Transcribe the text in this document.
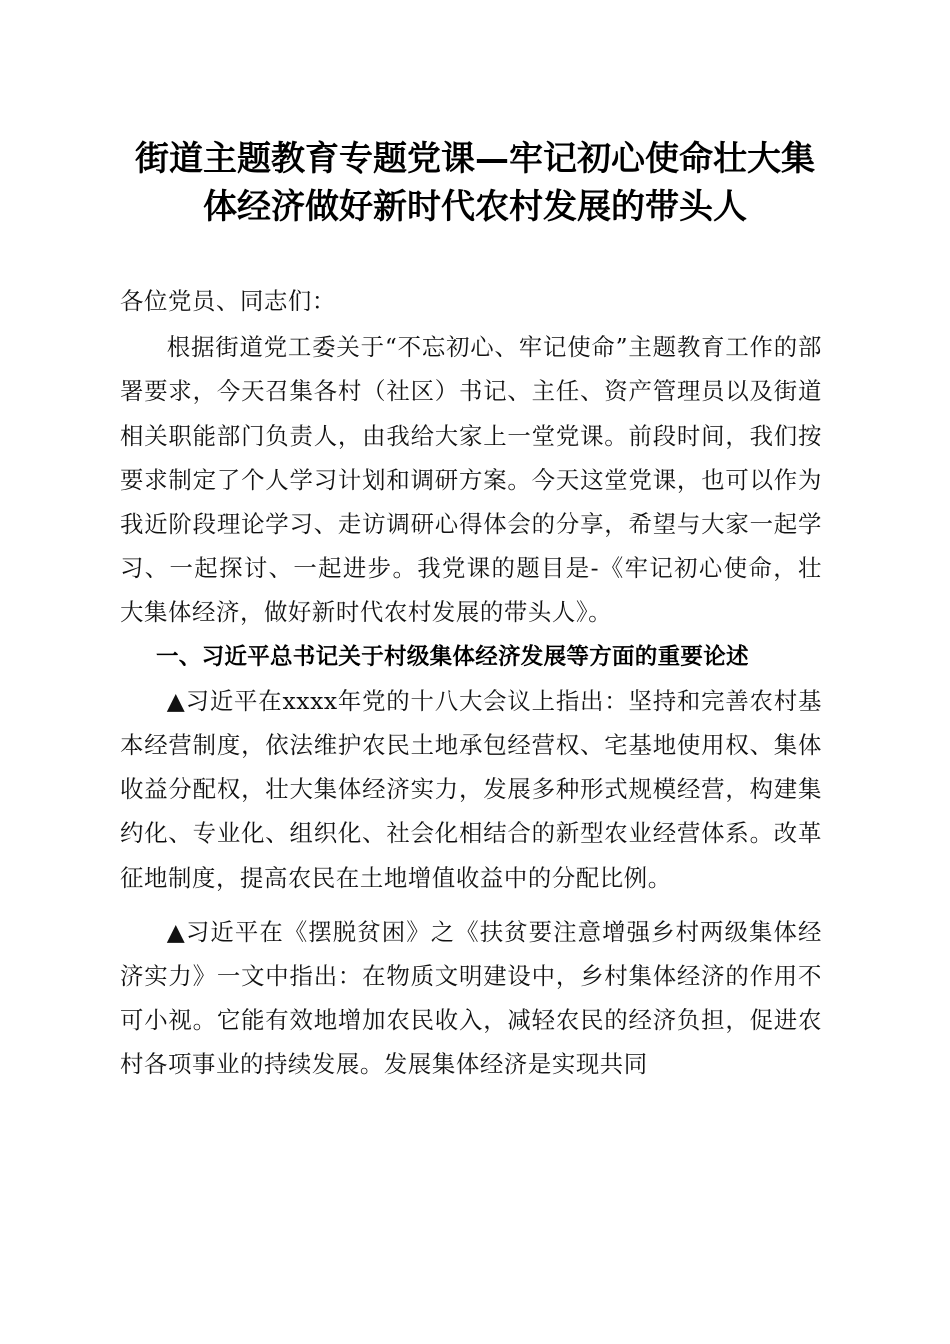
街道主题教育专题党课—牢记初心使命壮大集
体经济做好新时代农村发展的带头人

各位党员、同志们：

根据街道党工委关于“不忘初心、牢记使命”主题教育工作的部署要求，今天召集各村（社区）书记、主任、资产管理员以及街道相关职能部门负责人，由我给大家上一堂党课。前段时间，我们按要求制定了个人学习计划和调研方案。今天这堂党课，也可以作为我近阶段理论学习、走访调研心得体会的分享，希望与大家一起学习、一起探讨、一起进步。我党课的题目是-《牢记初心使命，壮大集体经济，做好新时代农村发展的带头人》。

一、习近平总书记关于村级集体经济发展等方面的重要论述

▲习近平在xxxx年党的十八大会议上指出：坚持和完善农村基本经营制度，依法维护农民土地承包经营权、宅基地使用权、集体收益分配权，壮大集体经济实力，发展多种形式规模经营，构建集约化、专业化、组织化、社会化相结合的新型农业经营体系。改革征地制度，提高农民在土地增值收益中的分配比例。

▲习近平在《摆脱贫困》之《扶贫要注意增强乡村两级集体经济实力》一文中指出：在物质文明建设中，乡村集体经济的作用不可小视。它能有效地增加农民收入，减轻农民的经济负担，促进农村各项事业的持续发展。发展集体经济是实现共同
